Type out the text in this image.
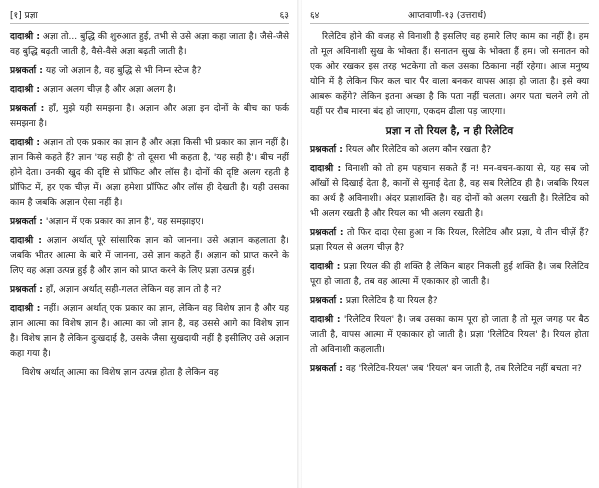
[१] प्रज्ञा	६३

दादाश्री : अज्ञा तो... बुद्धि की शुरुआत हुई, तभी से उसे अज्ञा कहा जाता है। जैसे-जैसे वह बुद्धि बढ़ती जाती है, वैसे-वैसे अज्ञा बढ़ती जाती है।

प्रश्नकर्ता : यह जो अज्ञान है, वह बुद्धि से भी निम्न स्टेज है?

दादाश्री : अज्ञान अलग चीज़ है और अज्ञा अलग है।

प्रश्नकर्ता : हाँ, मुझे यही समझना है। अज्ञान और अज्ञा इन दोनों के बीच का फर्क समझना है।

दादाश्री : अज्ञान तो एक प्रकार का ज्ञान है और अज्ञा किसी भी प्रकार का ज्ञान नहीं है। ज्ञान किसे कहते हैं? ज्ञान 'यह सही है' तो दूसरा भी कहता है, 'यह सही है'। बीच नहीं होने देता। उनकी खुद की दृष्टि से प्रॉफिट और लॉस है। दोनों की दृष्टि अलग रहती है प्रॉफिट में, हर एक चीज़ में। अज्ञा हमेशा प्रॉफिट और लॉस ही देखती है। यही उसका काम है जबकि अज्ञान ऐसा नहीं है।

प्रश्नकर्ता : 'अज्ञान में एक प्रकार का ज्ञान है', यह समझाइए।

दादाश्री : अज्ञान अर्थात् पूरे सांसारिक ज्ञान को जानना। उसे अज्ञान कहलाता है। जबकि भीतर आत्मा के बारे में जानना, उसे ज्ञान कहते हैं। अज्ञान को प्राप्त करने के लिए वह अज्ञा उत्पन्न हुई है और ज्ञान को प्राप्त करने के लिए प्रज्ञा उत्पन्न हुई।

प्रश्नकर्ता : हाँ, अज्ञान अर्थात् सही-गलत लेकिन वह ज्ञान तो है न?

दादाश्री : नहीं। अज्ञान अर्थात् एक प्रकार का ज्ञान, लेकिन वह विशेष ज्ञान है और यह ज्ञान आत्मा का विशेष ज्ञान है। आत्मा का जो ज्ञान है, वह उससे आगे का विशेष ज्ञान है। विशेष ज्ञान है लेकिन दुःखदाई है, उसके जैसा सुखदायी नहीं है इसीलिए उसे अज्ञान कहा गया है।

विशेष अर्थात् आत्मा का विशेष ज्ञान उत्पन्न होता है लेकिन वह

६४	आप्तवाणी-१३ (उत्तरार्ध)

रिलेटिव होने की वजह से विनाशी है इसलिए वह हमारे लिए काम का नहीं है। हम तो मूल अविनाशी सुख के भोक्ता हैं। सनातन सुख के भोक्ता हैं हम। जो सनातन को एक ओर रखकर इस तरह भटकेगा तो कल उसका ठिकाना नहीं रहेगा। आज मनुष्य योनि में है लेकिन फिर कल चार पैर वाला बनकर वापस आड़ा हो जाता है। इसे क्या आबरू कहेंगे? लेकिन इतना अच्छा है कि पता नहीं चलता। अगर पता चलने लगे तो यहीं पर रौब मारना बंद हो जाएगा, एकदम ढीला पड़ जाएगा।

प्रज्ञा न तो रियल है, न ही रिलेटिव

प्रश्नकर्ता : रियल और रिलेटिव को अलग कौन रखता है?

दादाश्री : विनाशी को तो हम पहचान सकते हैं न! मन-वचन-काया से, यह सब जो आँखों से दिखाई देता है, कानों से सुनाई देता है, वह सब रिलेटिव ही है। जबकि रियल का अर्थ है अविनाशी। अंदर प्रज्ञाशक्ति है। वह दोनों को अलग रखती है। रिलेटिव को भी अलग रखती है और रियल का भी अलग रखती है।

प्रश्नकर्ता : तो फिर दादा ऐसा हुआ न कि रियल, रिलेटिव और प्रज्ञा, ये तीन चीज़ें हैं? प्रज्ञा रियल से अलग चीज़ है?

दादाश्री : प्रज्ञा रियल की ही शक्ति है लेकिन बाहर निकली हुई शक्ति है। जब रिलेटिव पूरा हो जाता है, तब वह आत्मा में एकाकार हो जाती है।

प्रश्नकर्ता : प्रज्ञा रिलेटिव है या रियल है?

दादाश्री : 'रिलेटिव रियल' है। जब उसका काम पूरा हो जाता है तो मूल जगह पर बैठ जाती है, वापस आत्मा में एकाकार हो जाती है। प्रज्ञा 'रिलेटिव रियल' है। रियल होता तो अविनाशी कहलाती।

प्रश्नकर्ता : वह 'रिलेटिव-रियल' जब 'रियल' बन जाती है, तब रिलेटिव नहीं बचता न?
